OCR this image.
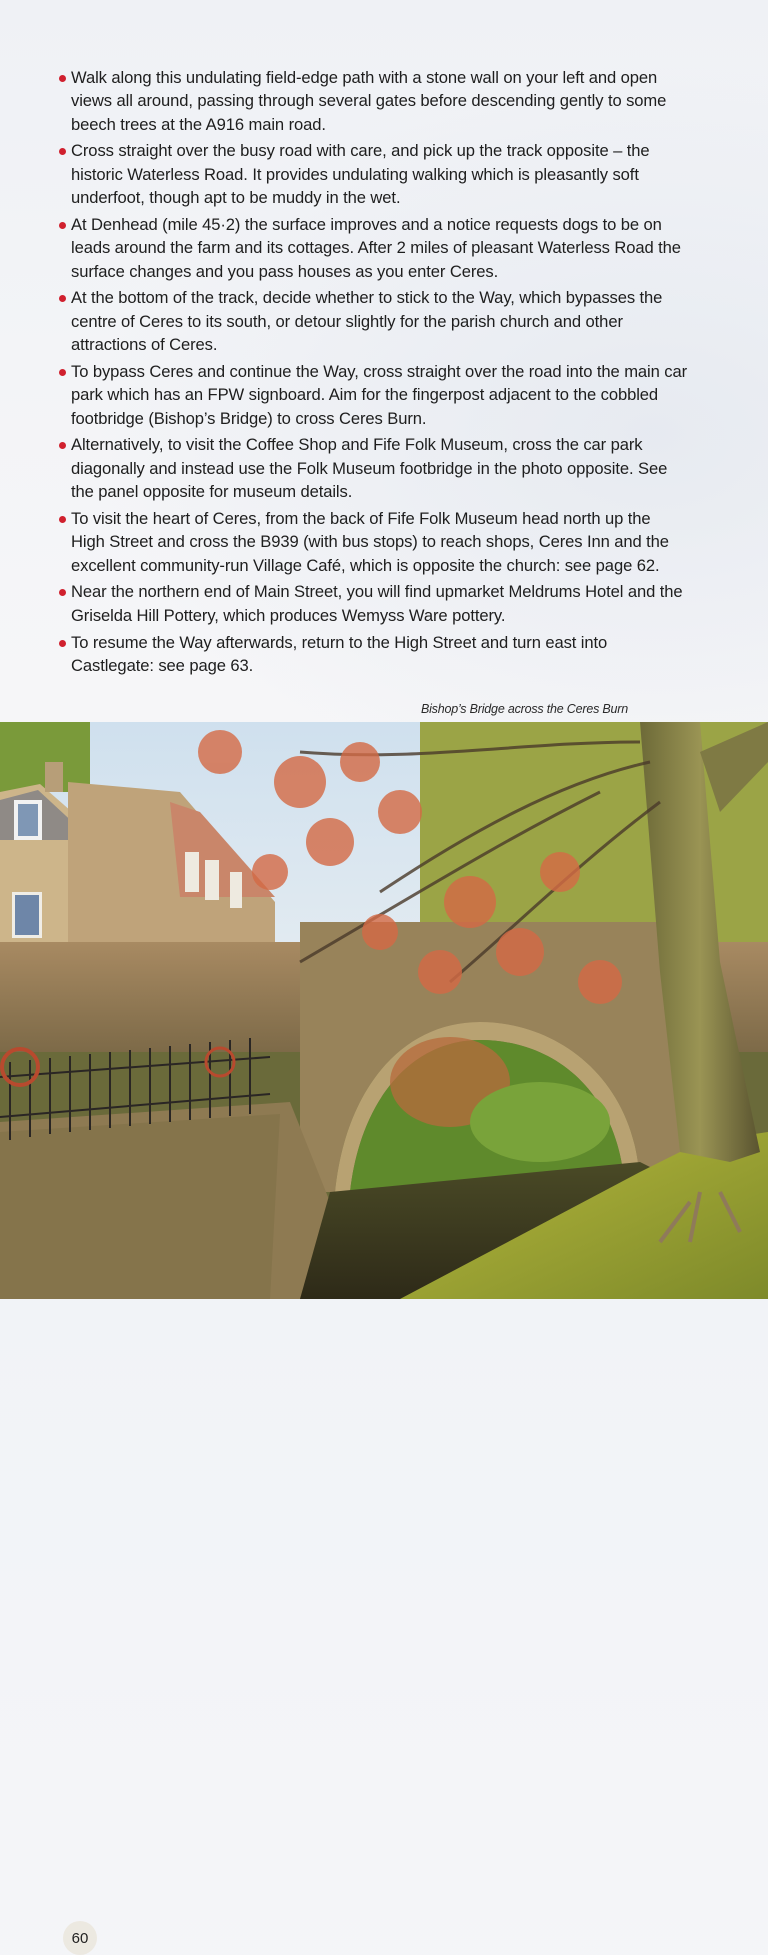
Walk along this undulating field-edge path with a stone wall on your left and open views all around, passing through several gates before descending gently to some beech trees at the A916 main road.
Cross straight over the busy road with care, and pick up the track opposite – the historic Waterless Road. It provides undulating walking which is pleasantly soft underfoot, though apt to be muddy in the wet.
At Denhead (mile 45·2) the surface improves and a notice requests dogs to be on leads around the farm and its cottages. After 2 miles of pleasant Waterless Road the surface changes and you pass houses as you enter Ceres.
At the bottom of the track, decide whether to stick to the Way, which bypasses the centre of Ceres to its south, or detour slightly for the parish church and other attractions of Ceres.
To bypass Ceres and continue the Way, cross straight over the road into the main car park which has an FPW signboard. Aim for the fingerpost adjacent to the cobbled footbridge (Bishop’s Bridge) to cross Ceres Burn.
Alternatively, to visit the Coffee Shop and Fife Folk Museum, cross the car park diagonally and instead use the Folk Museum footbridge in the photo opposite. See the panel opposite for museum details.
To visit the heart of Ceres, from the back of Fife Folk Museum head north up the High Street and cross the B939 (with bus stops) to reach shops, Ceres Inn and the excellent community-run Village Café, which is opposite the church: see page 62.
Near the northern end of Main Street, you will find upmarket Meldrums Hotel and the Griselda Hill Pottery, which produces Wemyss Ware pottery.
To resume the Way afterwards, return to the High Street and turn east into Castlegate: see page 63.
Bishop’s Bridge across the Ceres Burn
60
